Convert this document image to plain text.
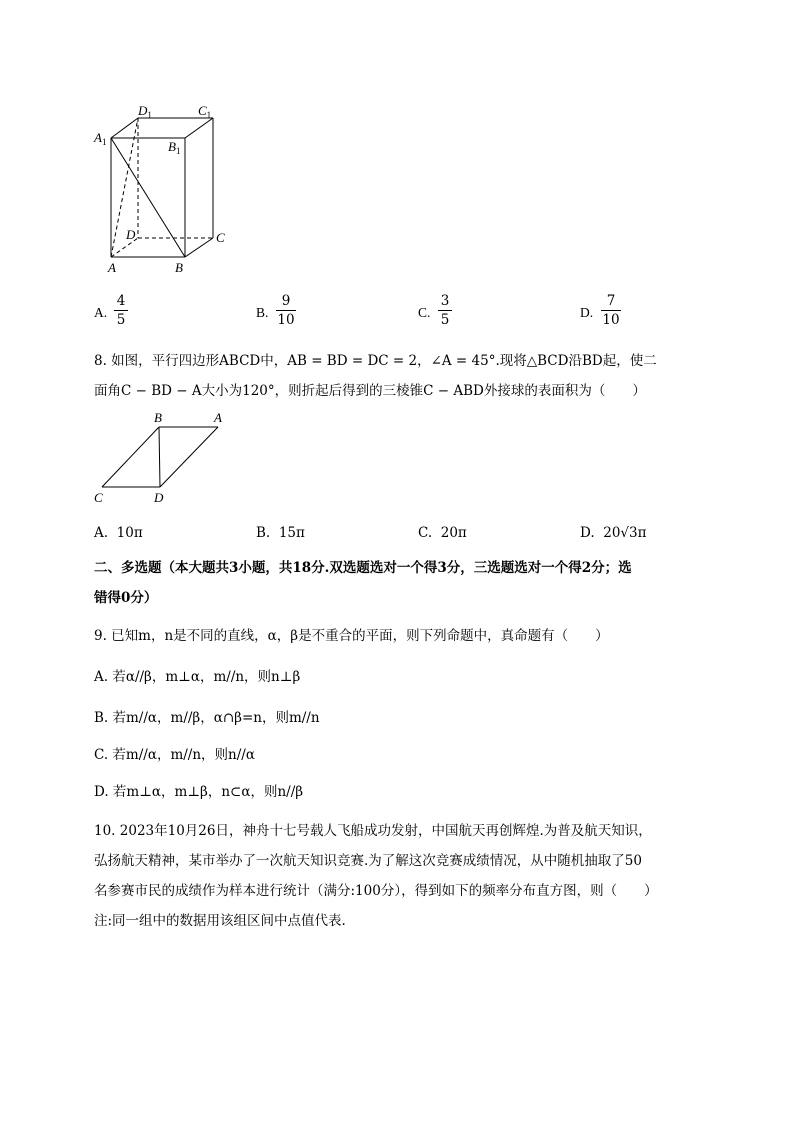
$D_1$	$C_1$
$A_1$	$B_1$
D	C
A	B
A.
4
5	B.
9
10	C.
3
5	D.
7
10
8. 如图，平行四边形ABCD中，AB = BD = DC = 2，∠A = 45°.现将△BCD沿BD起，使二
面角C − BD − A大小为120°，则折起后得到的三棱锥C − ABD外接球的表面积为（　　）
B	A
C	D
A. 10π	B. 15π	C. 20π	D. 20√3π
二、多选题（本大题共3小题，共18分.双选题选对一个得3分，三选题选对一个得2分；选
错得0分）
9. 已知m，n是不同的直线，α，β是不重合的平面，则下列命题中，真命题有（　　）
A. 若α//β，m⊥α，m//n，则n⊥β
B. 若m//α，m//β，α∩β=n，则m//n
C. 若m//α，m//n，则n//α
D. 若m⊥α，m⊥β，n⊂α，则n//β
10. 2023年10月26日，神舟十七号载人飞船成功发射，中国航天再创辉煌.为普及航天知识，
弘扬航天精神，某市举办了一次航天知识竞赛.为了解这次竞赛成绩情况，从中随机抽取了50
名参赛市民的成绩作为样本进行统计（满分:100分），得到如下的频率分布直方图，则（　　）
注:同一组中的数据用该组区间中点值代表.
